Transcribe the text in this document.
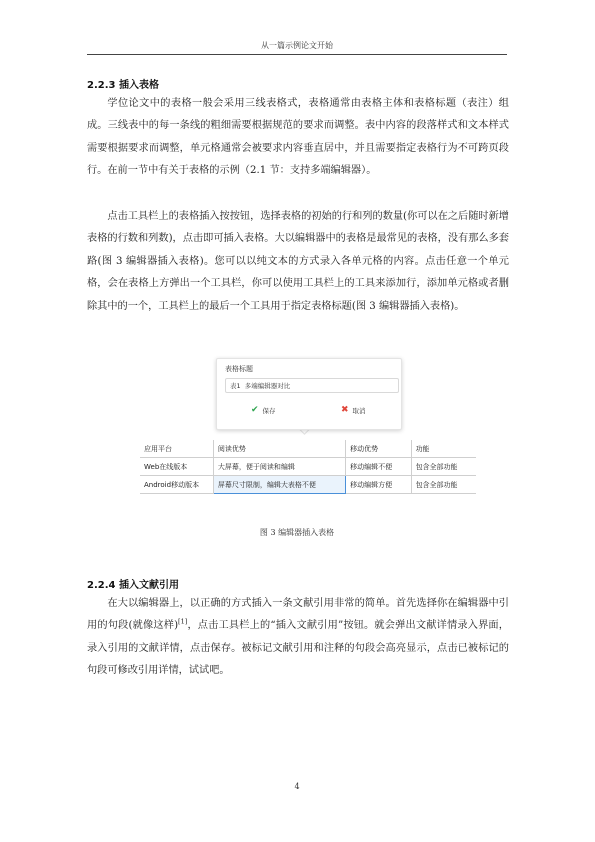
从一篇示例论文开始
2.2.3 插入表格

学位论文中的表格一般会采用三线表格式，表格通常由表格主体和表格标题（表注）组成。三线表中的每一条线的粗细需要根据规范的要求而调整。表中内容的段落样式和文本样式需要根据要求而调整，单元格通常会被要求内容垂直居中，并且需要指定表格行为不可跨页段行。在前一节中有关于表格的示例（2.1 节：支持多端编辑器）。

点击工具栏上的表格插入按按钮，选择表格的初始的行和列的数量(你可以在之后随时新增表格的行数和列数)，点击即可插入表格。大以编辑器中的表格是最常见的表格，没有那么多套路(图 3 编辑器插入表格)。您可以以纯文本的方式录入各单元格的内容。点击任意一个单元格，会在表格上方弹出一个工具栏，你可以使用工具栏上的工具来添加行，添加单元格或者删除其中的一个，工具栏上的最后一个工具用于指定表格标题(图 3 编辑器插入表格)。

表格标题
表1 多端编辑器对比
✔ 保存	✖ 取消
应用平台	阅读优势	移动优势	功能
Web在线版本	大屏幕，便于阅读和编辑	移动编辑不便	包含全部功能
Android移动版本	屏幕尺寸限制，编辑大表格不便	移动编辑方便	包含全部功能
图 3 编辑器插入表格
2.2.4 插入文献引用

在大以编辑器上，以正确的方式插入一条文献引用非常的简单。首先选择你在编辑器中引用的句段(就像这样)[1]，点击工具栏上的“插入文献引用”按钮。就会弹出文献详情录入界面，录入引用的文献详情，点击保存。被标记文献引用和注释的句段会高亮显示，点击已被标记的句段可修改引用详情，试试吧。

4
